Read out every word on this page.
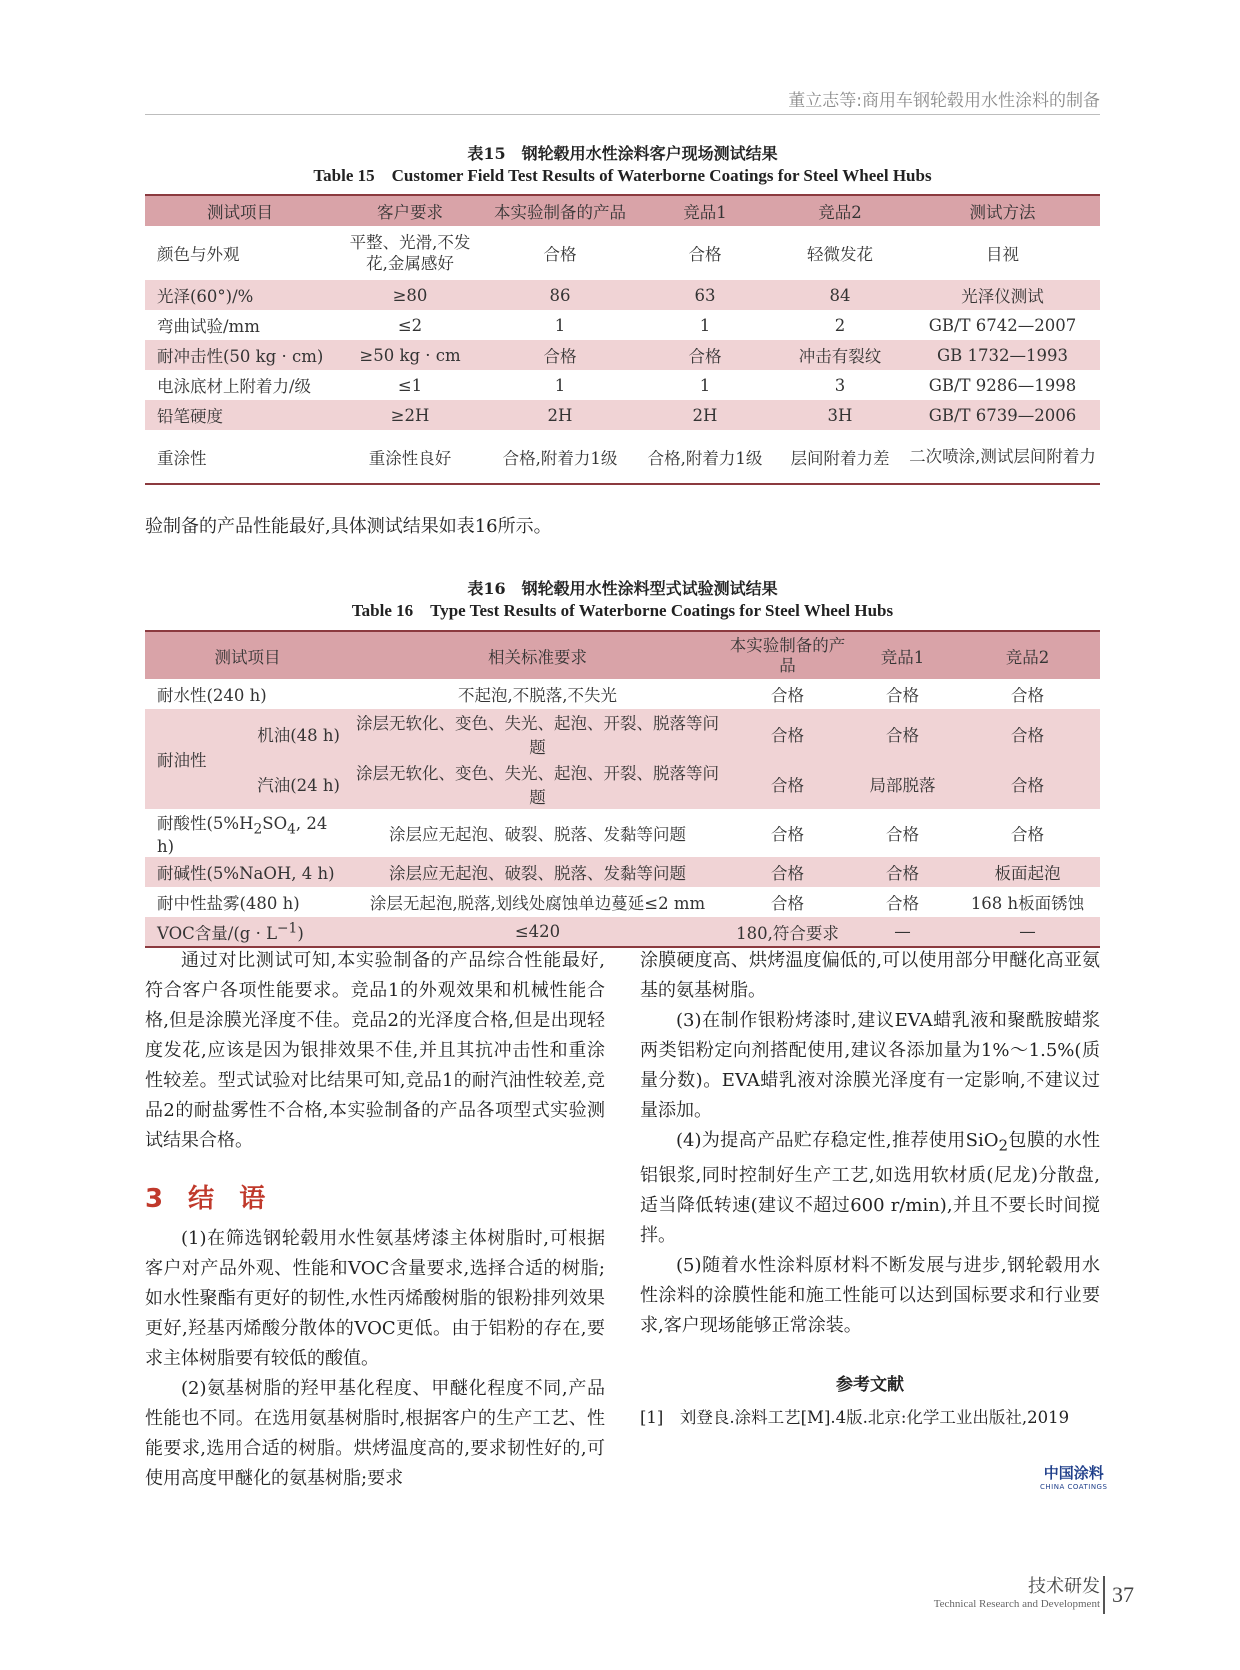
董立志等:商用车钢轮毂用水性涂料的制备
表15　钢轮毂用水性涂料客户现场测试结果
Table 15　Customer Field Test Results of Waterborne Coatings for Steel Wheel Hubs
测试项目	客户要求	本实验制备的产品	竞品1	竞品2	测试方法
颜色与外观	平整、光滑,不发花,金属感好	合格	合格	轻微发花	目视
光泽(60°)/%	≥80	86	63	84	光泽仪测试
弯曲试验/mm	≤2	1	1	2	GB/T 6742—2007
耐冲击性(50 kg · cm)	≥50 kg · cm	合格	合格	冲击有裂纹	GB 1732—1993
电泳底材上附着力/级	≤1	1	1	3	GB/T 9286—1998
铅笔硬度	≥2H	2H	2H	3H	GB/T 6739—2006
重涂性	重涂性良好	合格,附着力1级	合格,附着力1级	层间附着力差	二次喷涂,测试层间附着力
验制备的产品性能最好,具体测试结果如表16所示。
表16　钢轮毂用水性涂料型式试验测试结果
Table 16　Type Test Results of Waterborne Coatings for Steel Wheel Hubs
测试项目		相关标准要求	本实验制备的产品	竞品1	竞品2
耐水性(240 h)		不起泡,不脱落,不失光	合格	合格	合格
耐油性	机油(48 h)	涂层无软化、变色、失光、起泡、开裂、脱落等问题	合格	合格	合格
	汽油(24 h)	涂层无软化、变色、失光、起泡、开裂、脱落等问题	合格	局部脱落	合格
耐酸性($5\%H_2SO_4$, 24 h)		涂层应无起泡、破裂、脱落、发黏等问题	合格	合格	合格
耐碱性(5%NaOH, 4 h)		涂层应无起泡、破裂、脱落、发黏等问题	合格	合格	板面起泡
耐中性盐雾(480 h)		涂层无起泡,脱落,划线处腐蚀单边蔓延≤2 mm	合格	合格	168 h板面锈蚀
VOC含量$/(g \cdot L^{-1})$		≤420	180,符合要求	—	—

通过对比测试可知,本实验制备的产品综合性能最好,符合客户各项性能要求。竞品1的外观效果和机械性能合格,但是涂膜光泽度不佳。竞品2的光泽度合格,但是出现轻度发花,应该是因为银排效果不佳,并且其抗冲击性和重涂性较差。型式试验对比结果可知,竞品1的耐汽油性较差,竞品2的耐盐雾性不合格,本实验制备的产品各项型式实验测试结果合格。

3 结 语

(1)在筛选钢轮毂用水性氨基烤漆主体树脂时,可根据客户对产品外观、性能和VOC含量要求,选择合适的树脂;如水性聚酯有更好的韧性,水性丙烯酸树脂的银粉排列效果更好,羟基丙烯酸分散体的VOC更低。由于铝粉的存在,要求主体树脂要有较低的酸值。

(2)氨基树脂的羟甲基化程度、甲醚化程度不同,产品性能也不同。在选用氨基树脂时,根据客户的生产工艺、性能要求,选用合适的树脂。烘烤温度高的,要求韧性好的,可使用高度甲醚化的氨基树脂;要求

涂膜硬度高、烘烤温度偏低的,可以使用部分甲醚化高亚氨基的氨基树脂。

(3)在制作银粉烤漆时,建议EVA蜡乳液和聚酰胺蜡浆两类铝粉定向剂搭配使用,建议各添加量为1%～1.5%(质量分数)。EVA蜡乳液对涂膜光泽度有一定影响,不建议过量添加。

(4)为提高产品贮存稳定性,推荐使用SiO$_2$包膜的水性铝银浆,同时控制好生产工艺,如选用软材质(尼龙)分散盘,适当降低转速(建议不超过600 r/min),并且不要长时间搅拌。

(5)随着水性涂料原材料不断发展与进步,钢轮毂用水性涂料的涂膜性能和施工性能可以达到国标要求和行业要求,客户现场能够正常涂装。

参考文献
[1]　刘登良.涂料工艺[M].4版.北京:化学工业出版社,2019
中国涂料
CHINA COATINGS
技术研发
Technical Research and Development 37
